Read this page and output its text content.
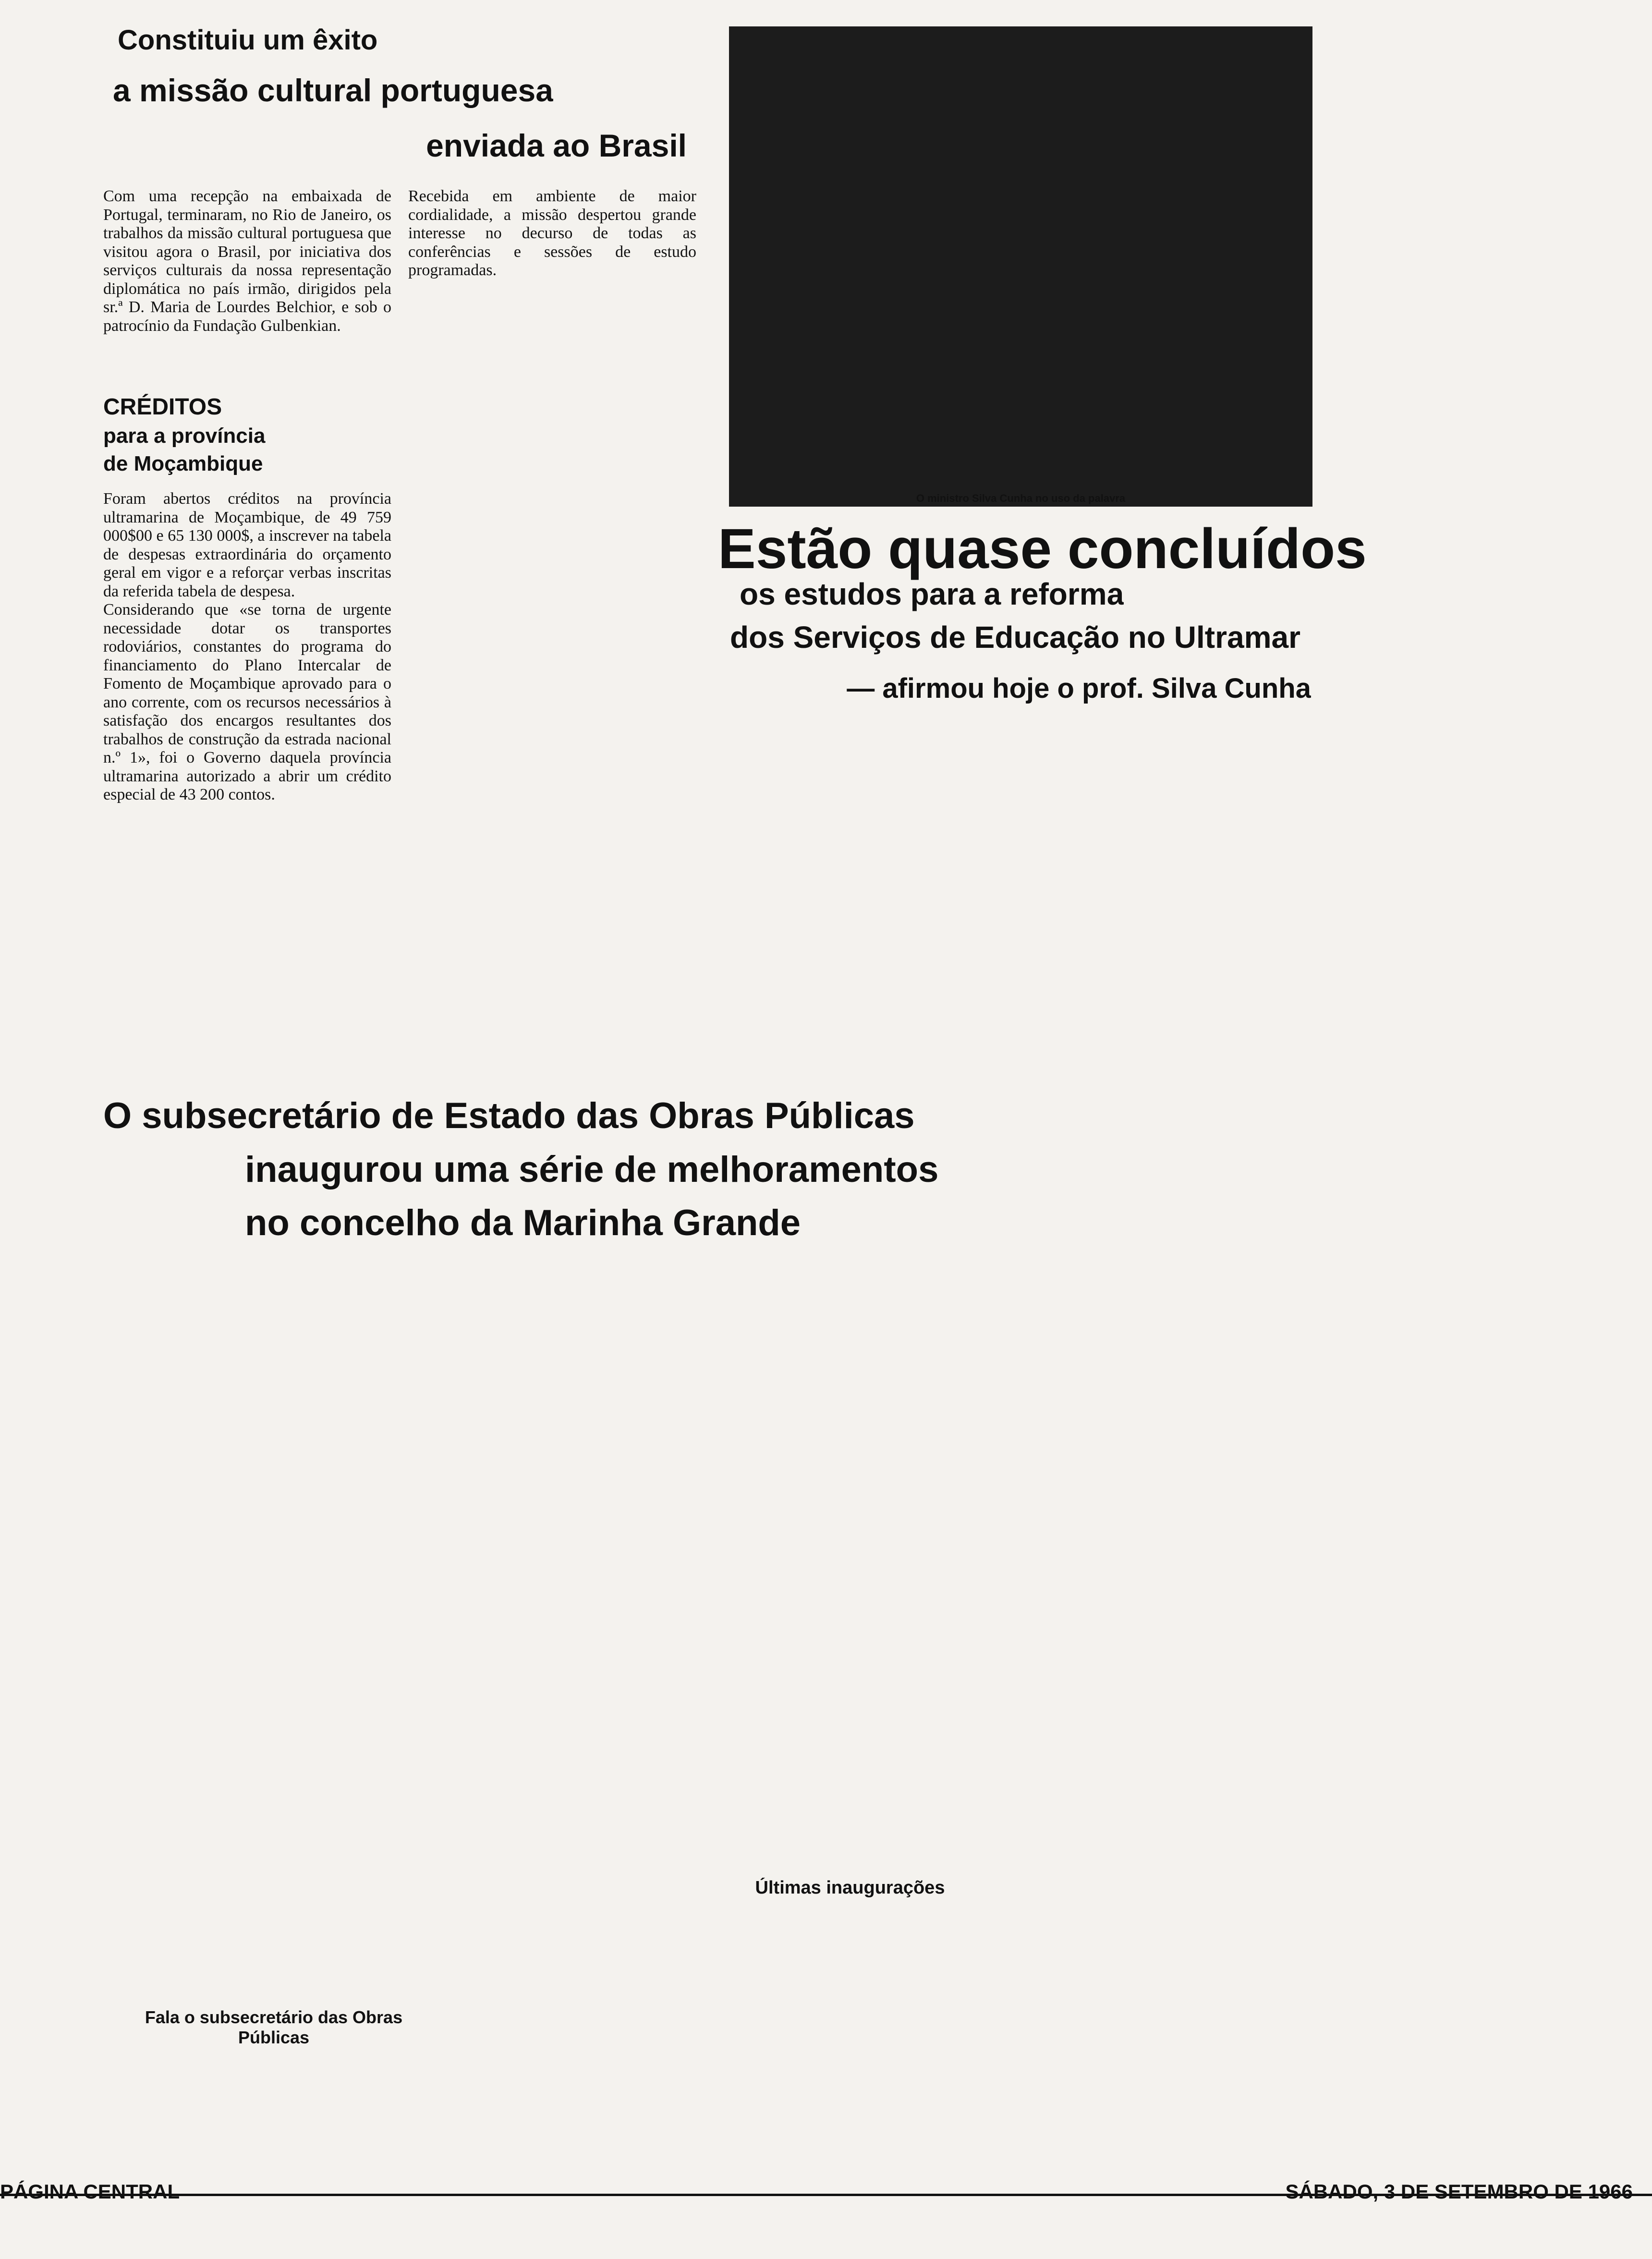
O ministro Silva Cunha no uso da palavra
Constituiu um êxito
a missão cultural portuguesa
enviada ao Brasil

Com uma recepção na embaixada de Portugal, terminaram, no Rio de Janeiro, os trabalhos da missão cultural portuguesa que visitou agora o Brasil, por iniciativa dos serviços culturais da nossa representação diplomática no país irmão, dirigidos pela sr.ª D. Maria de Lourdes Belchior, e sob o patrocínio da Fundação Gulbenkian.

Recebida em ambiente de maior cordialidade, a missão despertou grande interesse no decurso de todas as conferências e sessões de estudo programadas.

CRÉDITOS
para a província
de Moçambique

Foram abertos créditos na província ultramarina de Moçambique, de 49 759 000$00 e 65 130 000$, a inscrever na tabela de despesas extraordinária do orçamento geral em vigor e a reforçar verbas inscritas da referida tabela de despesa.

Considerando que «se torna de urgente necessidade dotar os transportes rodoviários, constantes do programa do financiamento do Plano Intercalar de Fomento de Moçambique aprovado para o ano corrente, com os recursos necessários à satisfação dos encargos resultantes dos trabalhos de construção da estrada nacional n.º 1», foi o Governo daquela província ultramarina autorizado a abrir um crédito especial de 43 200 contos.

Estão quase concluídos
os estudos para a reforma
dos Serviços de Educação no Ultramar
— afirmou hoje o prof. Silva Cunha
O subsecretário de Estado das Obras Públicas
inaugurou uma série de melhoramentos
no concelho da Marinha Grande
Fala o subsecretário das Obras Públicas
Últimas inaugurações
PÁGINA CENTRAL	SÁBADO, 3 DE SETEMBRO DE 1966
